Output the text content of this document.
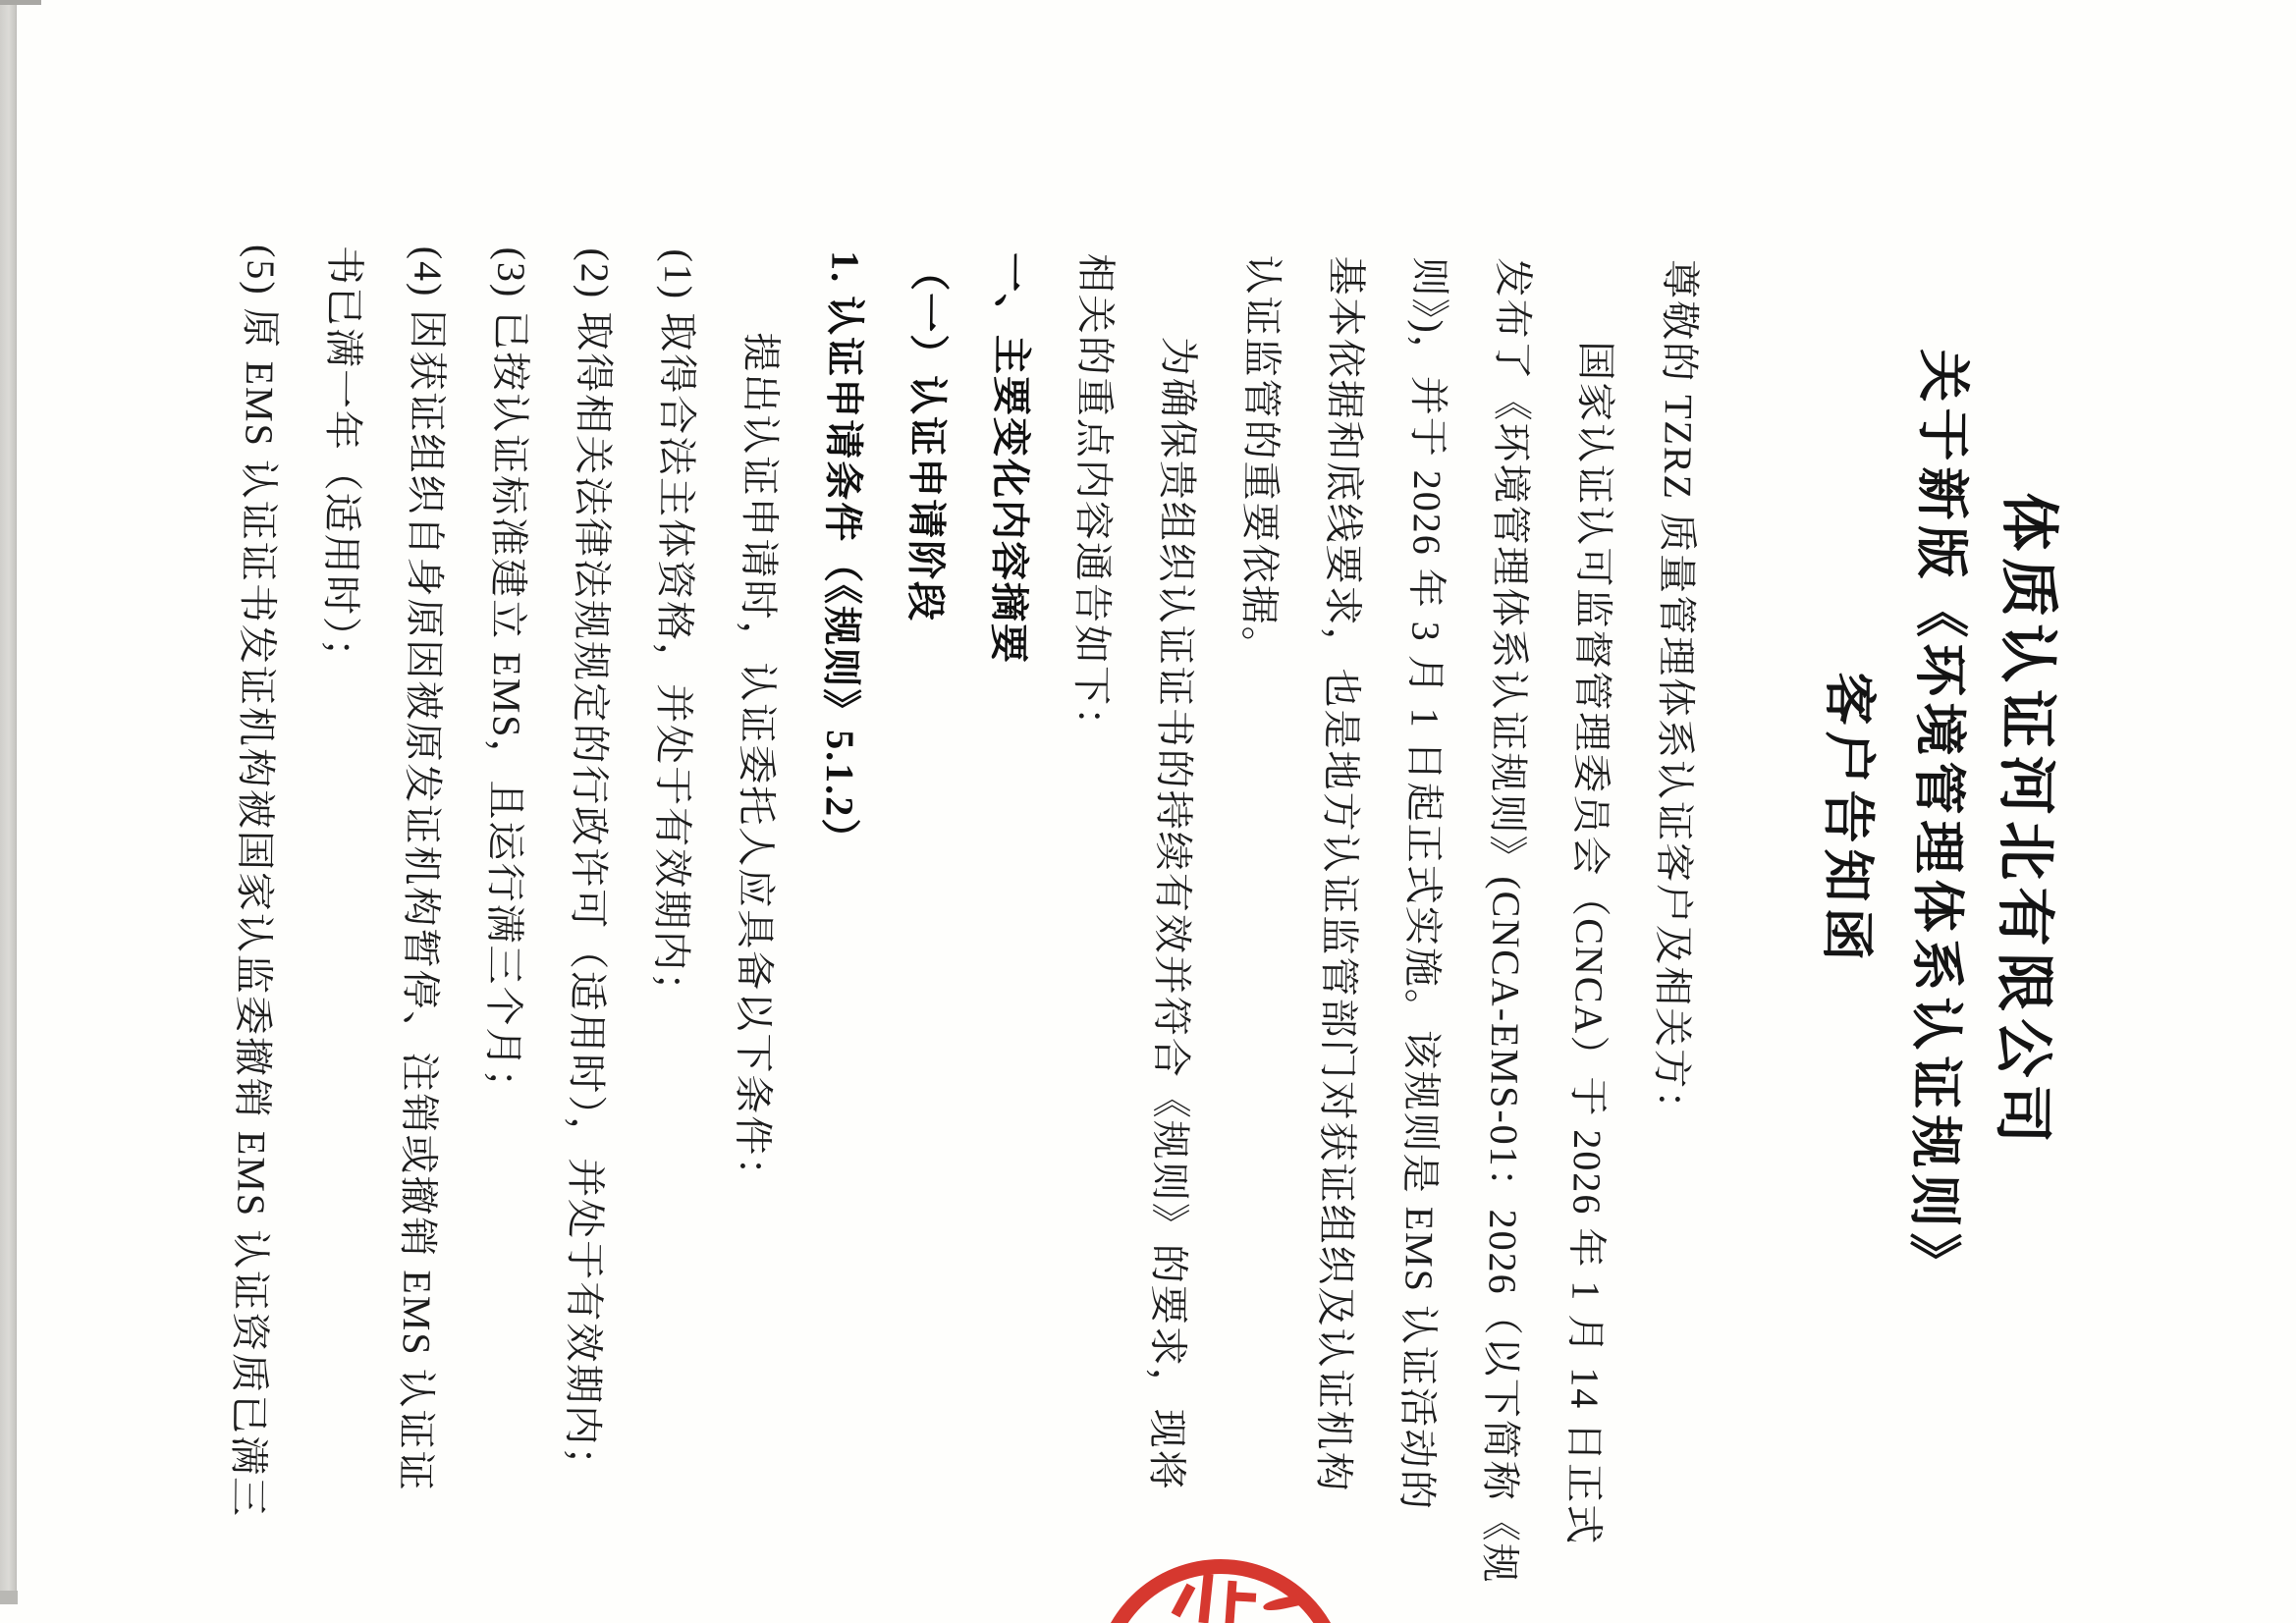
体质认证河北有限公司
关于新版《环境管理体系认证规则》
客户告知函

尊敬的 TZRZ 质量管理体系认证客户及相关方：

国家认证认可监督管理委员会（CNCA）于 2026 年 1 月 14 日正式

发布了《环境管理体系认证规则》(CNCA-EMS-01：2026（以下简称《规

则》)，并于 2026 年 3 月 1 日起正式实施。该规则是 EMS 认证活动的

基本依据和底线要求，也是地方认证监管部门对获证组织及认证机构

认证监管的重要依据。

为确保贵组织认证证书的持续有效并符合《规则》的要求，现将

相关的重点内容通告如下：

一、主要变化内容摘要

（一）认证申请阶段

1. 认证申请条件（《规则》5.1.2）

提出认证申请时，认证委托人应具备以下条件：

(1) 取得合法主体资格，并处于有效期内；

(2) 取得相关法律法规规定的行政许可（适用时），并处于有效期内；

(3) 已按认证标准建立 EMS，且运行满三个月；

(4) 因获证组织自身原因被原发证机构暂停、注销或撤销 EMS 认证证

书已满一年（适用时）；

(5) 原 EMS 认证证书发证机构被国家认监委撤销 EMS 认证资质已满三
